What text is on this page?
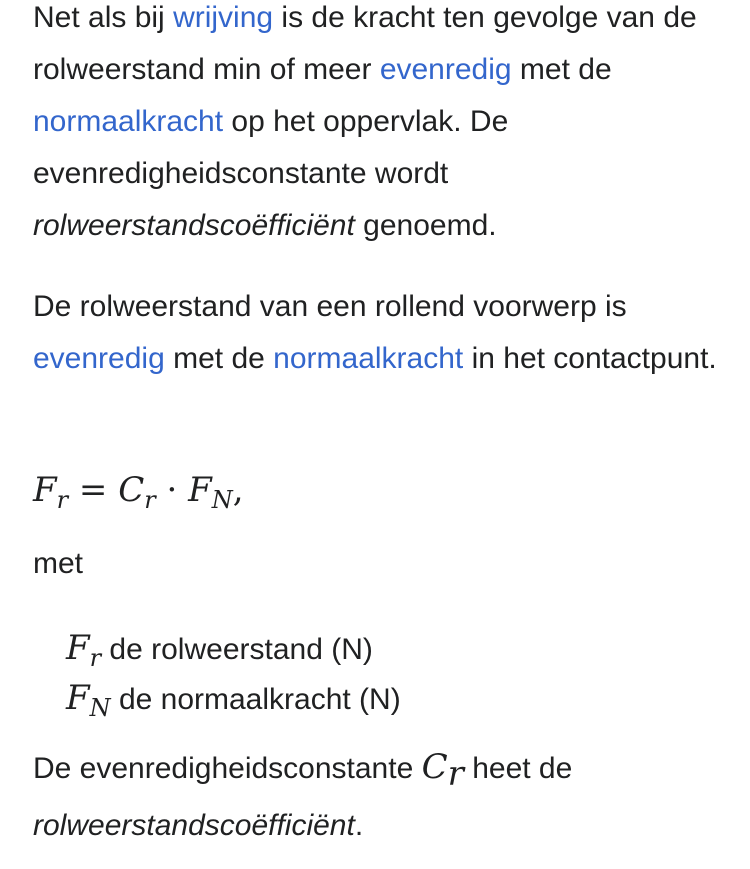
Net als bij wrijving is de kracht ten gevolge van de rolweerstand min of meer evenredig met de
normaalkracht op het oppervlak. De evenredigheidsconstante wordt rolweerstandscoëfficiënt genoemd.

De rolweerstand van een rollend voorwerp is evenredig met de normaalkracht in het contactpunt.

$F_r = C_r \cdot F_N$,
met
$F_r$ de rolweerstand (N)
$F_N$ de normaalkracht (N)

De evenredigheidsconstante Cr heet de
rolweerstandscoëfficiënt.
